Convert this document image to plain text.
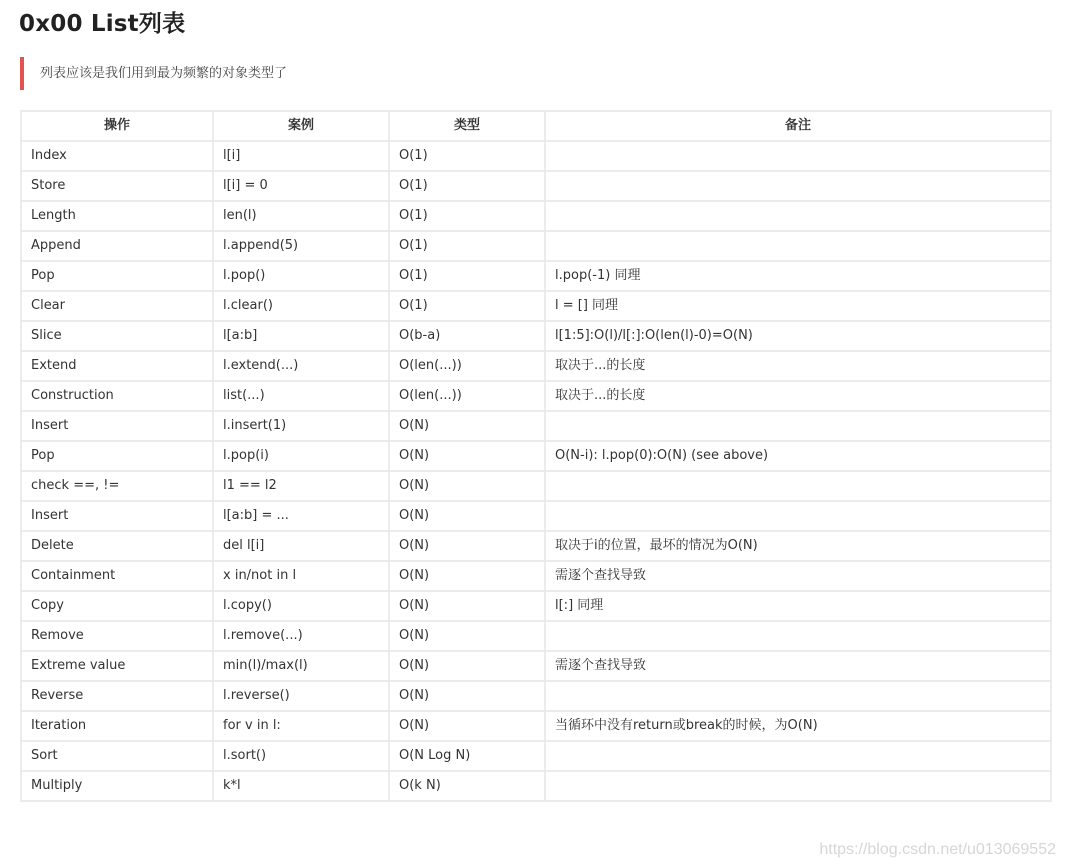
0x00 List列表
列表应该是我们用到最为频繁的对象类型了
操作	案例	类型	备注
Index	l[i]	O(1)	
Store	l[i] = 0	O(1)	
Length	len(l)	O(1)	
Append	l.append(5)	O(1)	
Pop	l.pop()	O(1)	l.pop(-1) 同理
Clear	l.clear()	O(1)	l = [] 同理
Slice	l[a:b]	O(b-a)	l[1:5]:O(l)/l[:]:O(len(l)-0)=O(N)
Extend	l.extend(...)	O(len(...))	取决于...的长度
Construction	list(...)	O(len(...))	取决于...的长度
Insert	l.insert(1)	O(N)	
Pop	l.pop(i)	O(N)	O(N-i): l.pop(0):O(N) (see above)
check ==, !=	l1 == l2	O(N)	
Insert	l[a:b] = ...	O(N)	
Delete	del l[i]	O(N)	取决于i的位置，最坏的情况为O(N)
Containment	x in/not in l	O(N)	需逐个查找导致
Copy	l.copy()	O(N)	l[:] 同理
Remove	l.remove(...)	O(N)	
Extreme value	min(l)/max(l)	O(N)	需逐个查找导致
Reverse	l.reverse()	O(N)	
Iteration	for v in l:	O(N)	当循环中没有return或break的时候，为O(N)
Sort	l.sort()	O(N Log N)	
Multiply	k*l	O(k N)	
https://blog.csdn.net/u013069552
